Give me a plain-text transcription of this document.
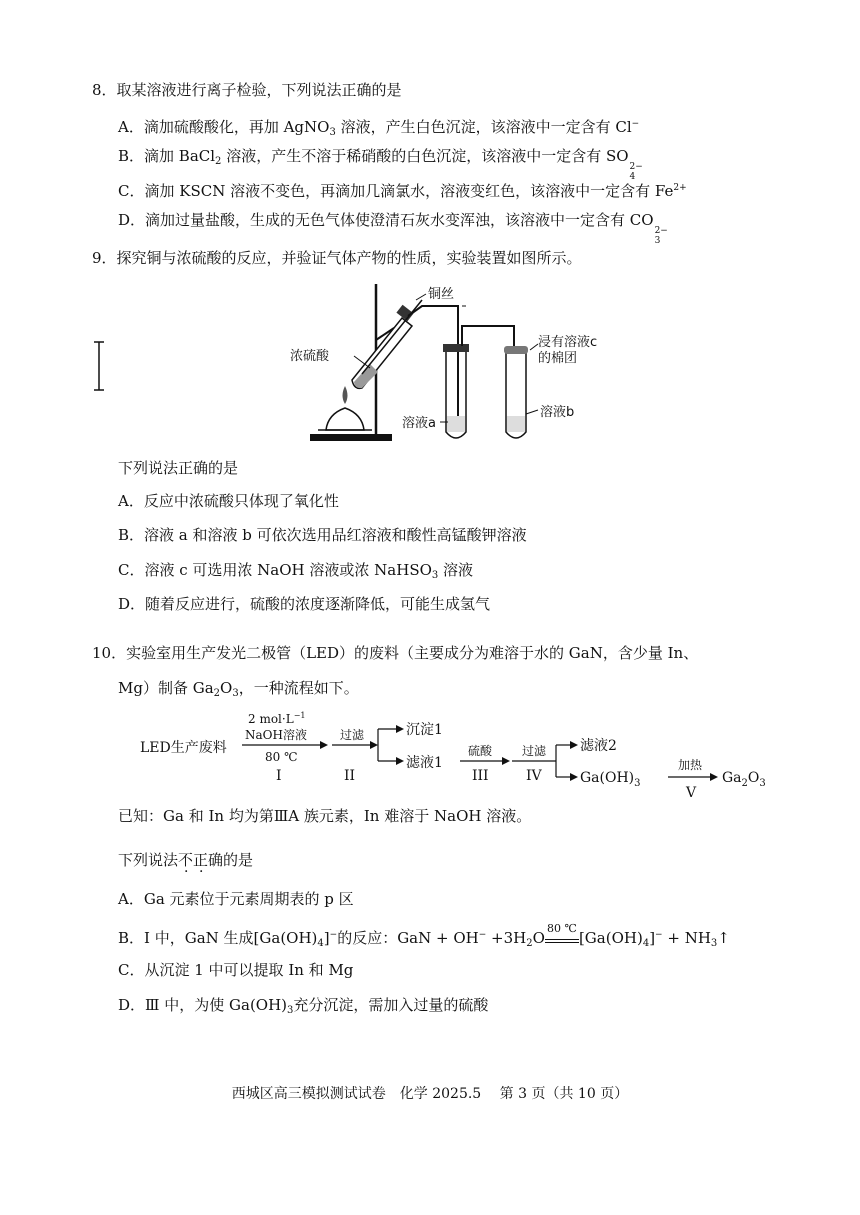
8．取某溶液进行离子检验，下列说法正确的是
A．滴加硫酸酸化，再加 AgNO$_3$ 溶液，产生白色沉淀，该溶液中一定含有 Cl−
B．滴加 BaCl$_2$ 溶液，产生不溶于稀硝酸的白色沉淀，该溶液中一定含有 SO
2−
4
C．滴加 KSCN 溶液不变色，再滴加几滴氯水，溶液变红色，该溶液中一定含有 $Fe^{2+}$
D．滴加过量盐酸，生成的无色气体使澄清石灰水变浑浊，该溶液中一定含有 CO
2−
3
9．探究铜与浓硫酸的反应，并验证气体产物的性质，实验装置如图所示。
铜丝
浓硫酸
浸有溶液c
的棉团
溶液a
溶液b
下列说法正确的是
A．反应中浓硫酸只体现了氧化性
B．溶液 a 和溶液 b 可依次选用品红溶液和酸性高锰酸钾溶液
C．溶液 c 可选用浓 NaOH 溶液或浓 NaHSO$_3$ 溶液
D．随着反应进行，硫酸的浓度逐渐降低，可能生成氢气
10．实验室用生产发光二极管（LED）的废料（主要成分为难溶于水的 GaN，含少量 In、
Mg）制备 $Ga_2O_3$，一种流程如下。
LED生产废料
2 $mol\cdot L^{-1}$
NaOH溶液
80 ℃
I
过滤
II
沉淀1
滤液1
硫酸
III
过滤
IV
滤液2
$Ga(OH)_3$
加热
V
$Ga_2O_3$
已知：Ga 和 In 均为第ⅢA 族元素，In 难溶于 NaOH 溶液。
下列说法不正确的是
A．Ga 元素位于元素周期表的 p 区
B．I 中，GaN 生成$[Ga(OH)_4]^-$的反应：GaN + $OH^- +3H_2O$
80 ℃
$[Ga(OH)_4]^-$ + $NH_3↑$
C．从沉淀 1 中可以提取 In 和 Mg
D．Ⅲ 中，为使 $Ga(OH)_3$充分沉淀，需加入过量的硫酸
西城区高三模拟测试试卷　化学 2025.5　 第 3 页（共 10 页）
